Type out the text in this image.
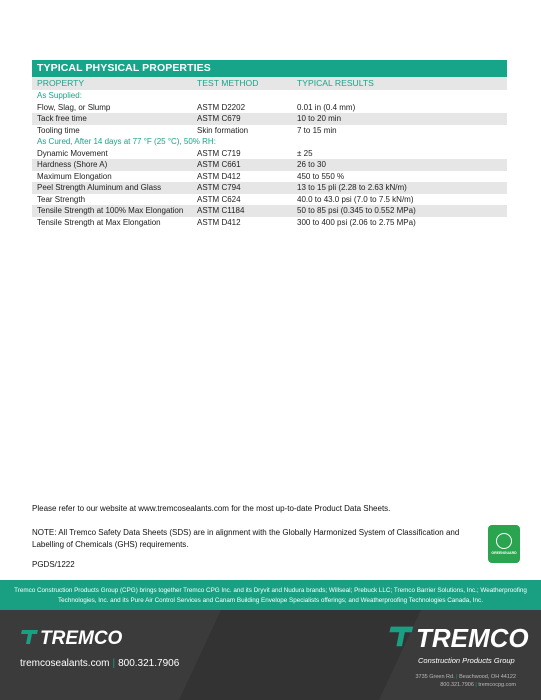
TYPICAL PHYSICAL PROPERTIES
PROPERTY	TEST METHOD	TYPICAL RESULTS
As Supplied:
Flow, Slag, or Slump	ASTM D2202	0.01 in (0.4 mm)
Tack free time	ASTM C679	10 to 20 min
Tooling time	Skin formation	7 to 15 min
As Cured, After 14 days at 77 °F (25 °C), 50% RH:
Dynamic Movement	ASTM C719	± 25
Hardness (Shore A)	ASTM C661	26 to 30
Maximum Elongation	ASTM D412	450 to 550 %
Peel Strength Aluminum and Glass	ASTM C794	13 to 15 pli (2.28 to 2.63 kN/m)
Tear Strength	ASTM C624	40.0 to 43.0 psi (7.0 to 7.5 kN/m)
Tensile Strength at 100% Max Elongation	ASTM C1184	50 to 85 psi (0.345 to 0.552 MPa)
Tensile Strength at Max Elongation	ASTM D412	300 to 400 psi (2.06 to 2.75 MPa)
Please refer to our website at www.tremcosealants.com for the most up-to-date Product Data Sheets.
NOTE: All Tremco Safety Data Sheets (SDS) are in alignment with the Globally Harmonized System of Classification and Labelling of Chemicals (GHS) requirements.
PGDS/1222
GREENGUARD
Tremco Construction Products Group (CPG) brings together Tremco CPG Inc. and its Dryvit and Nudura brands; Willseal; Prebuck LLC; Tremco Barrier Solutions, Inc.; Weatherproofing Technologies, Inc. and its Pure Air Control Services and Canam Building Envelope Specialists offerings; and Weatherproofing Technologies Canada, Inc.
TREMCO
tremcosealants.com | 800.321.7906
TREMCO
Construction Products Group
3735 Green Rd. | Beachwood, OH 44122
800.321.7906 | tremcocpg.com
